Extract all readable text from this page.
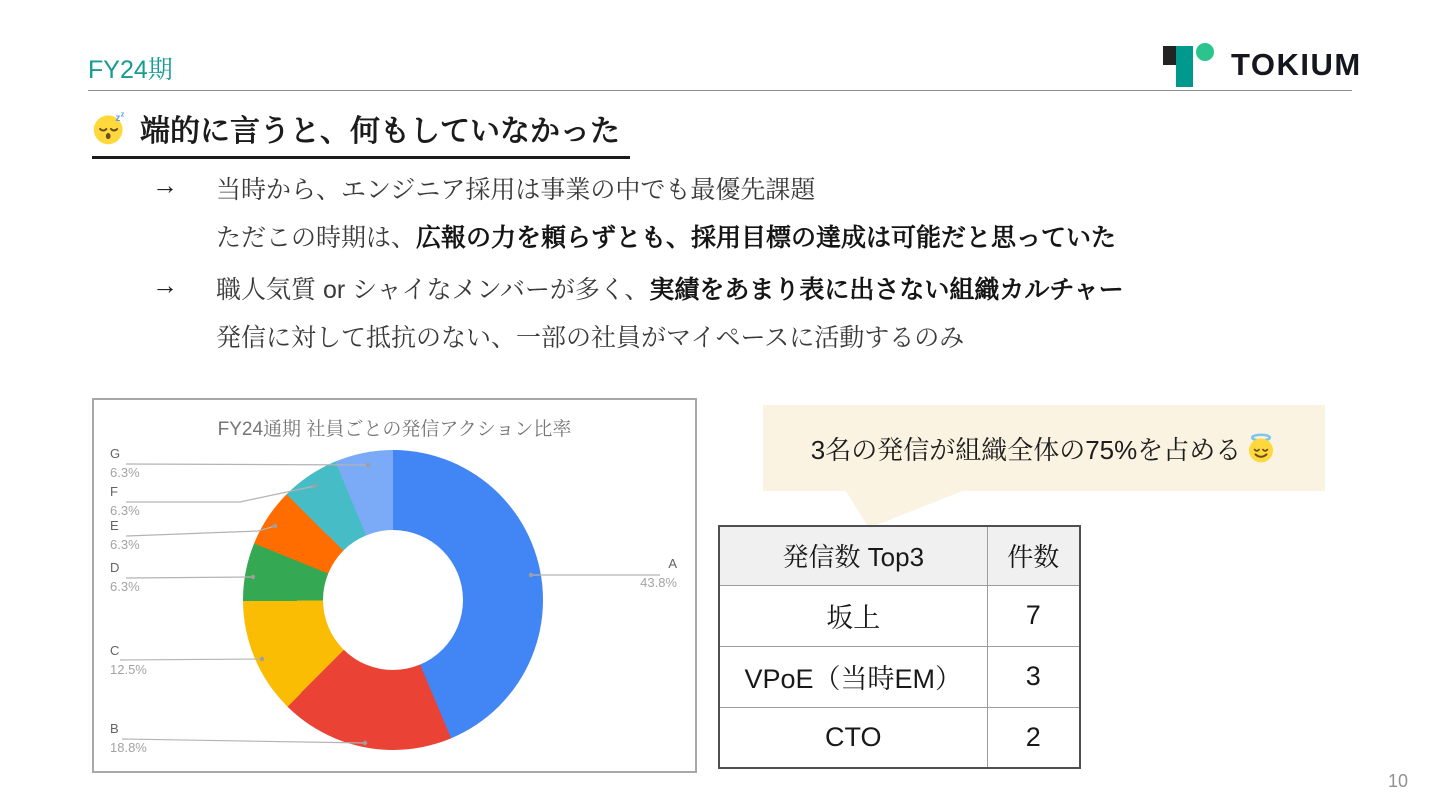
FY24期	TOKIUM
z z
端的に言うと、何もしていなかった
→ 当時から、エンジニア採用は事業の中でも最優先課題
ただこの時期は、広報の力を頼らずとも、採用目標の達成は可能だと思っていた
→ 職人気質 or シャイなメンバーが多く、実績をあまり表に出さない組織カルチャー
発信に対して抵抗のない、一部の社員がマイペースに活動するのみ
FY24通期 社員ごとの発信アクション比率
G
6.3%
F
6.3%
E
6.3%
D
6.3%
C
12.5%
B
18.8%
A
43.8%
3名の発信が組織全体の75%を占める
発信数 Top3	件数
坂上	7
VPoE（当時EM）	3
CTO	2
10
